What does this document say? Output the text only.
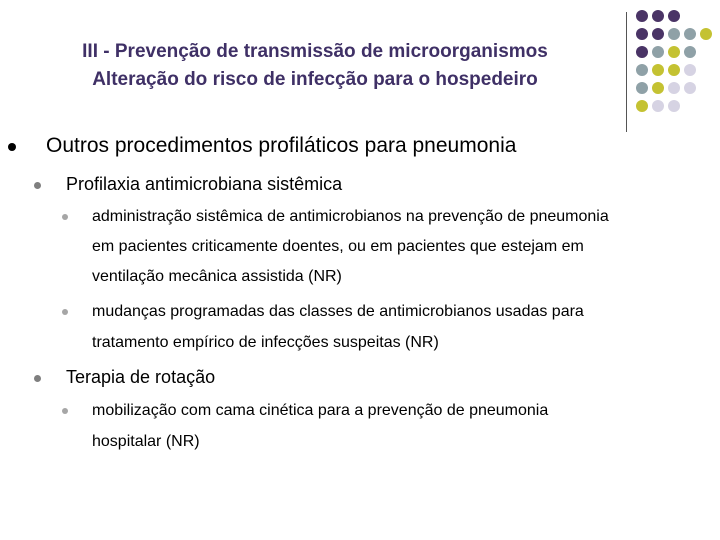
III - Prevenção de transmissão de microorganismos
Alteração do risco de infecção para o hospedeiro
Outros procedimentos profiláticos para pneumonia
Profilaxia antimicrobiana sistêmica
administração sistêmica de antimicrobianos na prevenção de pneumonia
em pacientes criticamente doentes, ou em pacientes que estejam em
ventilação mecânica assistida (NR)
mudanças programadas das classes de antimicrobianos usadas para
tratamento empírico de infecções suspeitas (NR)
Terapia de rotação
mobilização com cama cinética para a prevenção de pneumonia
hospitalar (NR)
